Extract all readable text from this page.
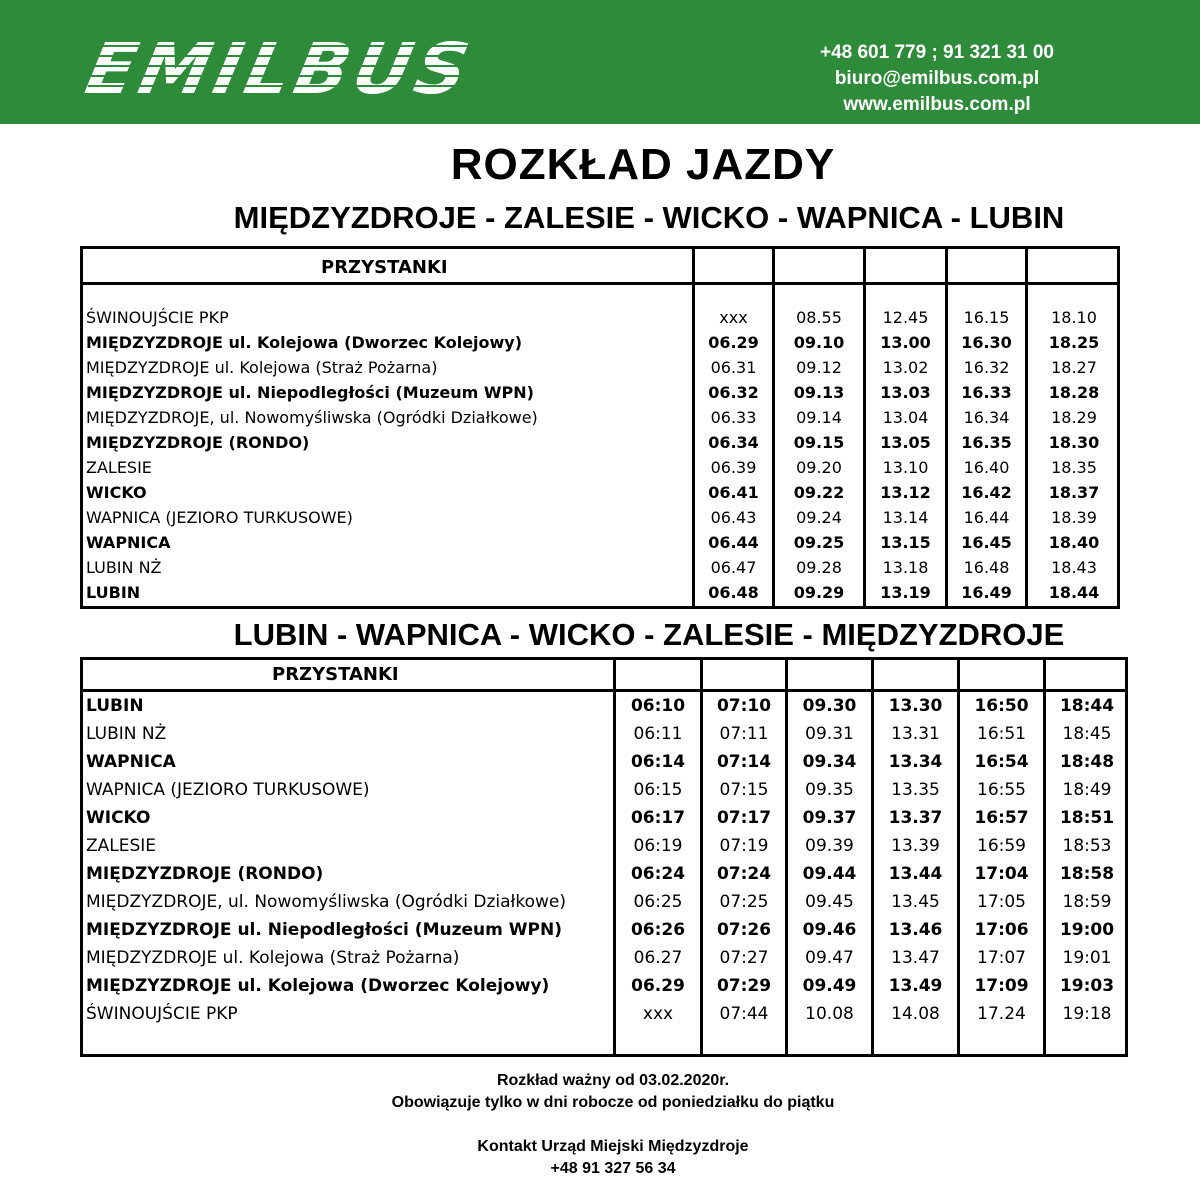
EMILBUS	+48 601 779 ; 91 321 31 00
biuro@emilbus.com.pl
www.emilbus.com.pl
ROZKŁAD JAZDY
MIĘDZYZDROJE - ZALESIE - WICKO - WAPNICA - LUBIN
PRZYSTANKI
ŚWINOUJŚCIE PKP	xxx	08.55	12.45	16.15	18.10
MIĘDZYZDROJE ul. Kolejowa (Dworzec Kolejowy)	06.29	09.10	13.00	16.30	18.25
MIĘDZYZDROJE ul. Kolejowa (Straż Pożarna)	06.31	09.12	13.02	16.32	18.27
MIĘDZYZDROJE ul. Niepodległości (Muzeum WPN)	06.32	09.13	13.03	16.33	18.28
MIĘDZYZDROJE, ul. Nowomyśliwska (Ogródki Działkowe)	06.33	09.14	13.04	16.34	18.29
MIĘDZYZDROJE (RONDO)	06.34	09.15	13.05	16.35	18.30
ZALESIE	06.39	09.20	13.10	16.40	18.35
WICKO	06.41	09.22	13.12	16.42	18.37
WAPNICA (JEZIORO TURKUSOWE)	06.43	09.24	13.14	16.44	18.39
WAPNICA	06.44	09.25	13.15	16.45	18.40
LUBIN NŻ	06.47	09.28	13.18	16.48	18.43
LUBIN	06.48	09.29	13.19	16.49	18.44
LUBIN - WAPNICA - WICKO - ZALESIE - MIĘDZYZDROJE
PRZYSTANKI
LUBIN	06:10	07:10	09.30	13.30	16:50	18:44
LUBIN NŻ	06:11	07:11	09.31	13.31	16:51	18:45
WAPNICA	06:14	07:14	09.34	13.34	16:54	18:48
WAPNICA (JEZIORO TURKUSOWE)	06:15	07:15	09.35	13.35	16:55	18:49
WICKO	06:17	07:17	09.37	13.37	16:57	18:51
ZALESIE	06:19	07:19	09.39	13.39	16:59	18:53
MIĘDZYZDROJE (RONDO)	06:24	07:24	09.44	13.44	17:04	18:58
MIĘDZYZDROJE, ul. Nowomyśliwska (Ogródki Działkowe)	06:25	07:25	09.45	13.45	17:05	18:59
MIĘDZYZDROJE ul. Niepodległości (Muzeum WPN)	06:26	07:26	09.46	13.46	17:06	19:00
MIĘDZYZDROJE ul. Kolejowa (Straż Pożarna)	06.27	07:27	09.47	13.47	17:07	19:01
MIĘDZYZDROJE ul. Kolejowa (Dworzec Kolejowy)	06.29	07:29	09.49	13.49	17:09	19:03
ŚWINOUJŚCIE PKP	xxx	07:44	10.08	14.08	17.24	19:18
Rozkład ważny od 03.02.2020r.
Obowiązuje tylko w dni robocze od poniedziałku do piątku
Kontakt Urząd Miejski Międzyzdroje
+48 91 327 56 34
